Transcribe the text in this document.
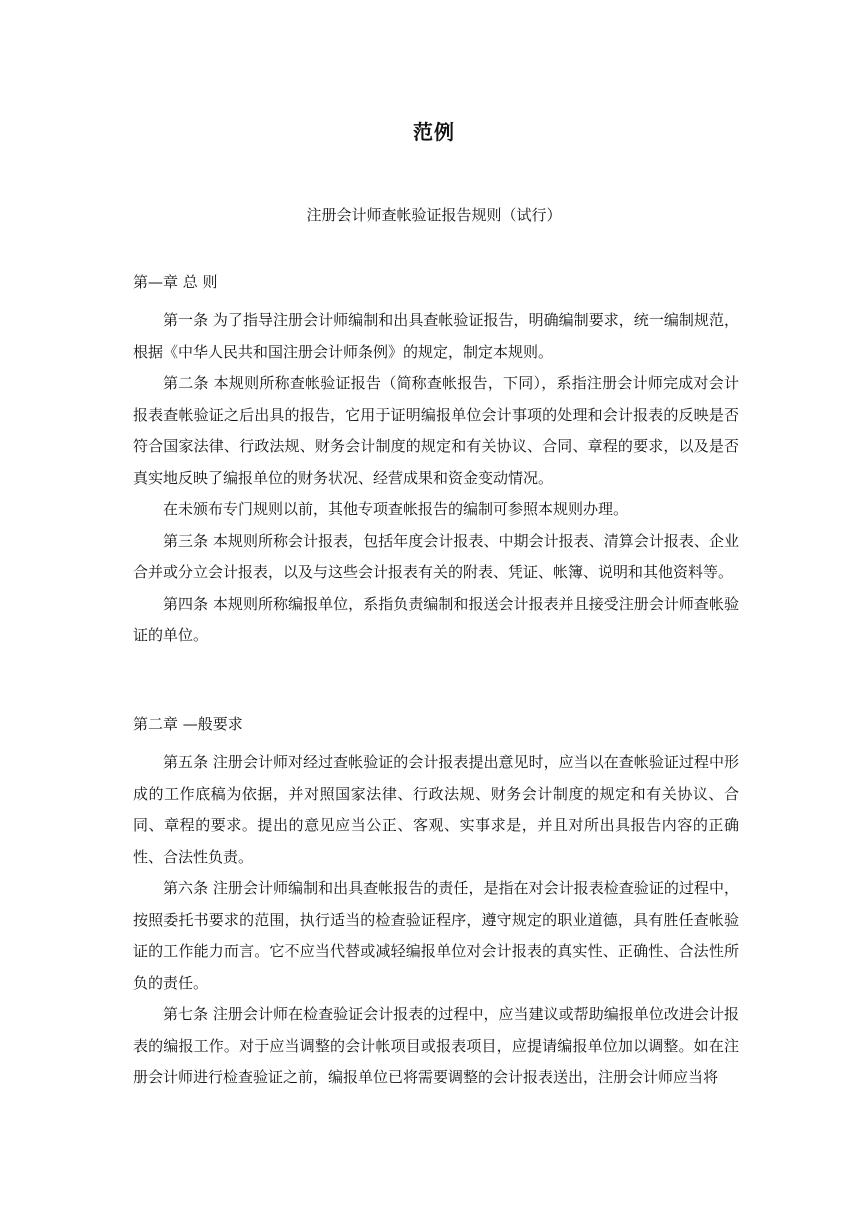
范例
注册会计师查帐验证报告规则（试行）
第—章 总 则

第一条 为了指导注册会计师编制和出具查帐验证报告，明确编制要求，统一编制规范，根据《中华人民共和国注册会计师条例》的规定，制定本规则。

第二条 本规则所称查帐验证报告（简称查帐报告，下同），系指注册会计师完成对会计报表查帐验证之后出具的报告，它用于证明编报单位会计事项的处理和会计报表的反映是否符合国家法律、行政法规、财务会计制度的规定和有关协议、合同、章程的要求，以及是否真实地反映了编报单位的财务状况、经营成果和资金变动情况。

在未颁布专门规则以前，其他专项查帐报告的编制可参照本规则办理。

第三条 本规则所称会计报表，包括年度会计报表、中期会计报表、清算会计报表、企业合并或分立会计报表，以及与这些会计报表有关的附表、凭证、帐簿、说明和其他资料等。

第四条 本规则所称编报单位，系指负责编制和报送会计报表并且接受注册会计师查帐验证的单位。

第二章 —般要求

第五条 注册会计师对经过查帐验证的会计报表提出意见时，应当以在查帐验证过程中形成的工作底稿为依据，并对照国家法律、行政法规、财务会计制度的规定和有关协议、合同、章程的要求。提出的意见应当公正、客观、实事求是，并且对所出具报告内容的正确性、合法性负责。

第六条 注册会计师编制和出具查帐报告的责任，是指在对会计报表检查验证的过程中，按照委托书要求的范围，执行适当的检查验证程序，遵守规定的职业道德，具有胜任查帐验证的工作能力而言。它不应当代替或减轻编报单位对会计报表的真实性、正确性、合法性所负的责任。

第七条 注册会计师在检查验证会计报表的过程中，应当建议或帮助编报单位改进会计报表的编报工作。对于应当调整的会计帐项目或报表项目，应提请编报单位加以调整。如在注册会计师进行检查验证之前，编报单位已将需要调整的会计报表送出，注册会计师应当将
